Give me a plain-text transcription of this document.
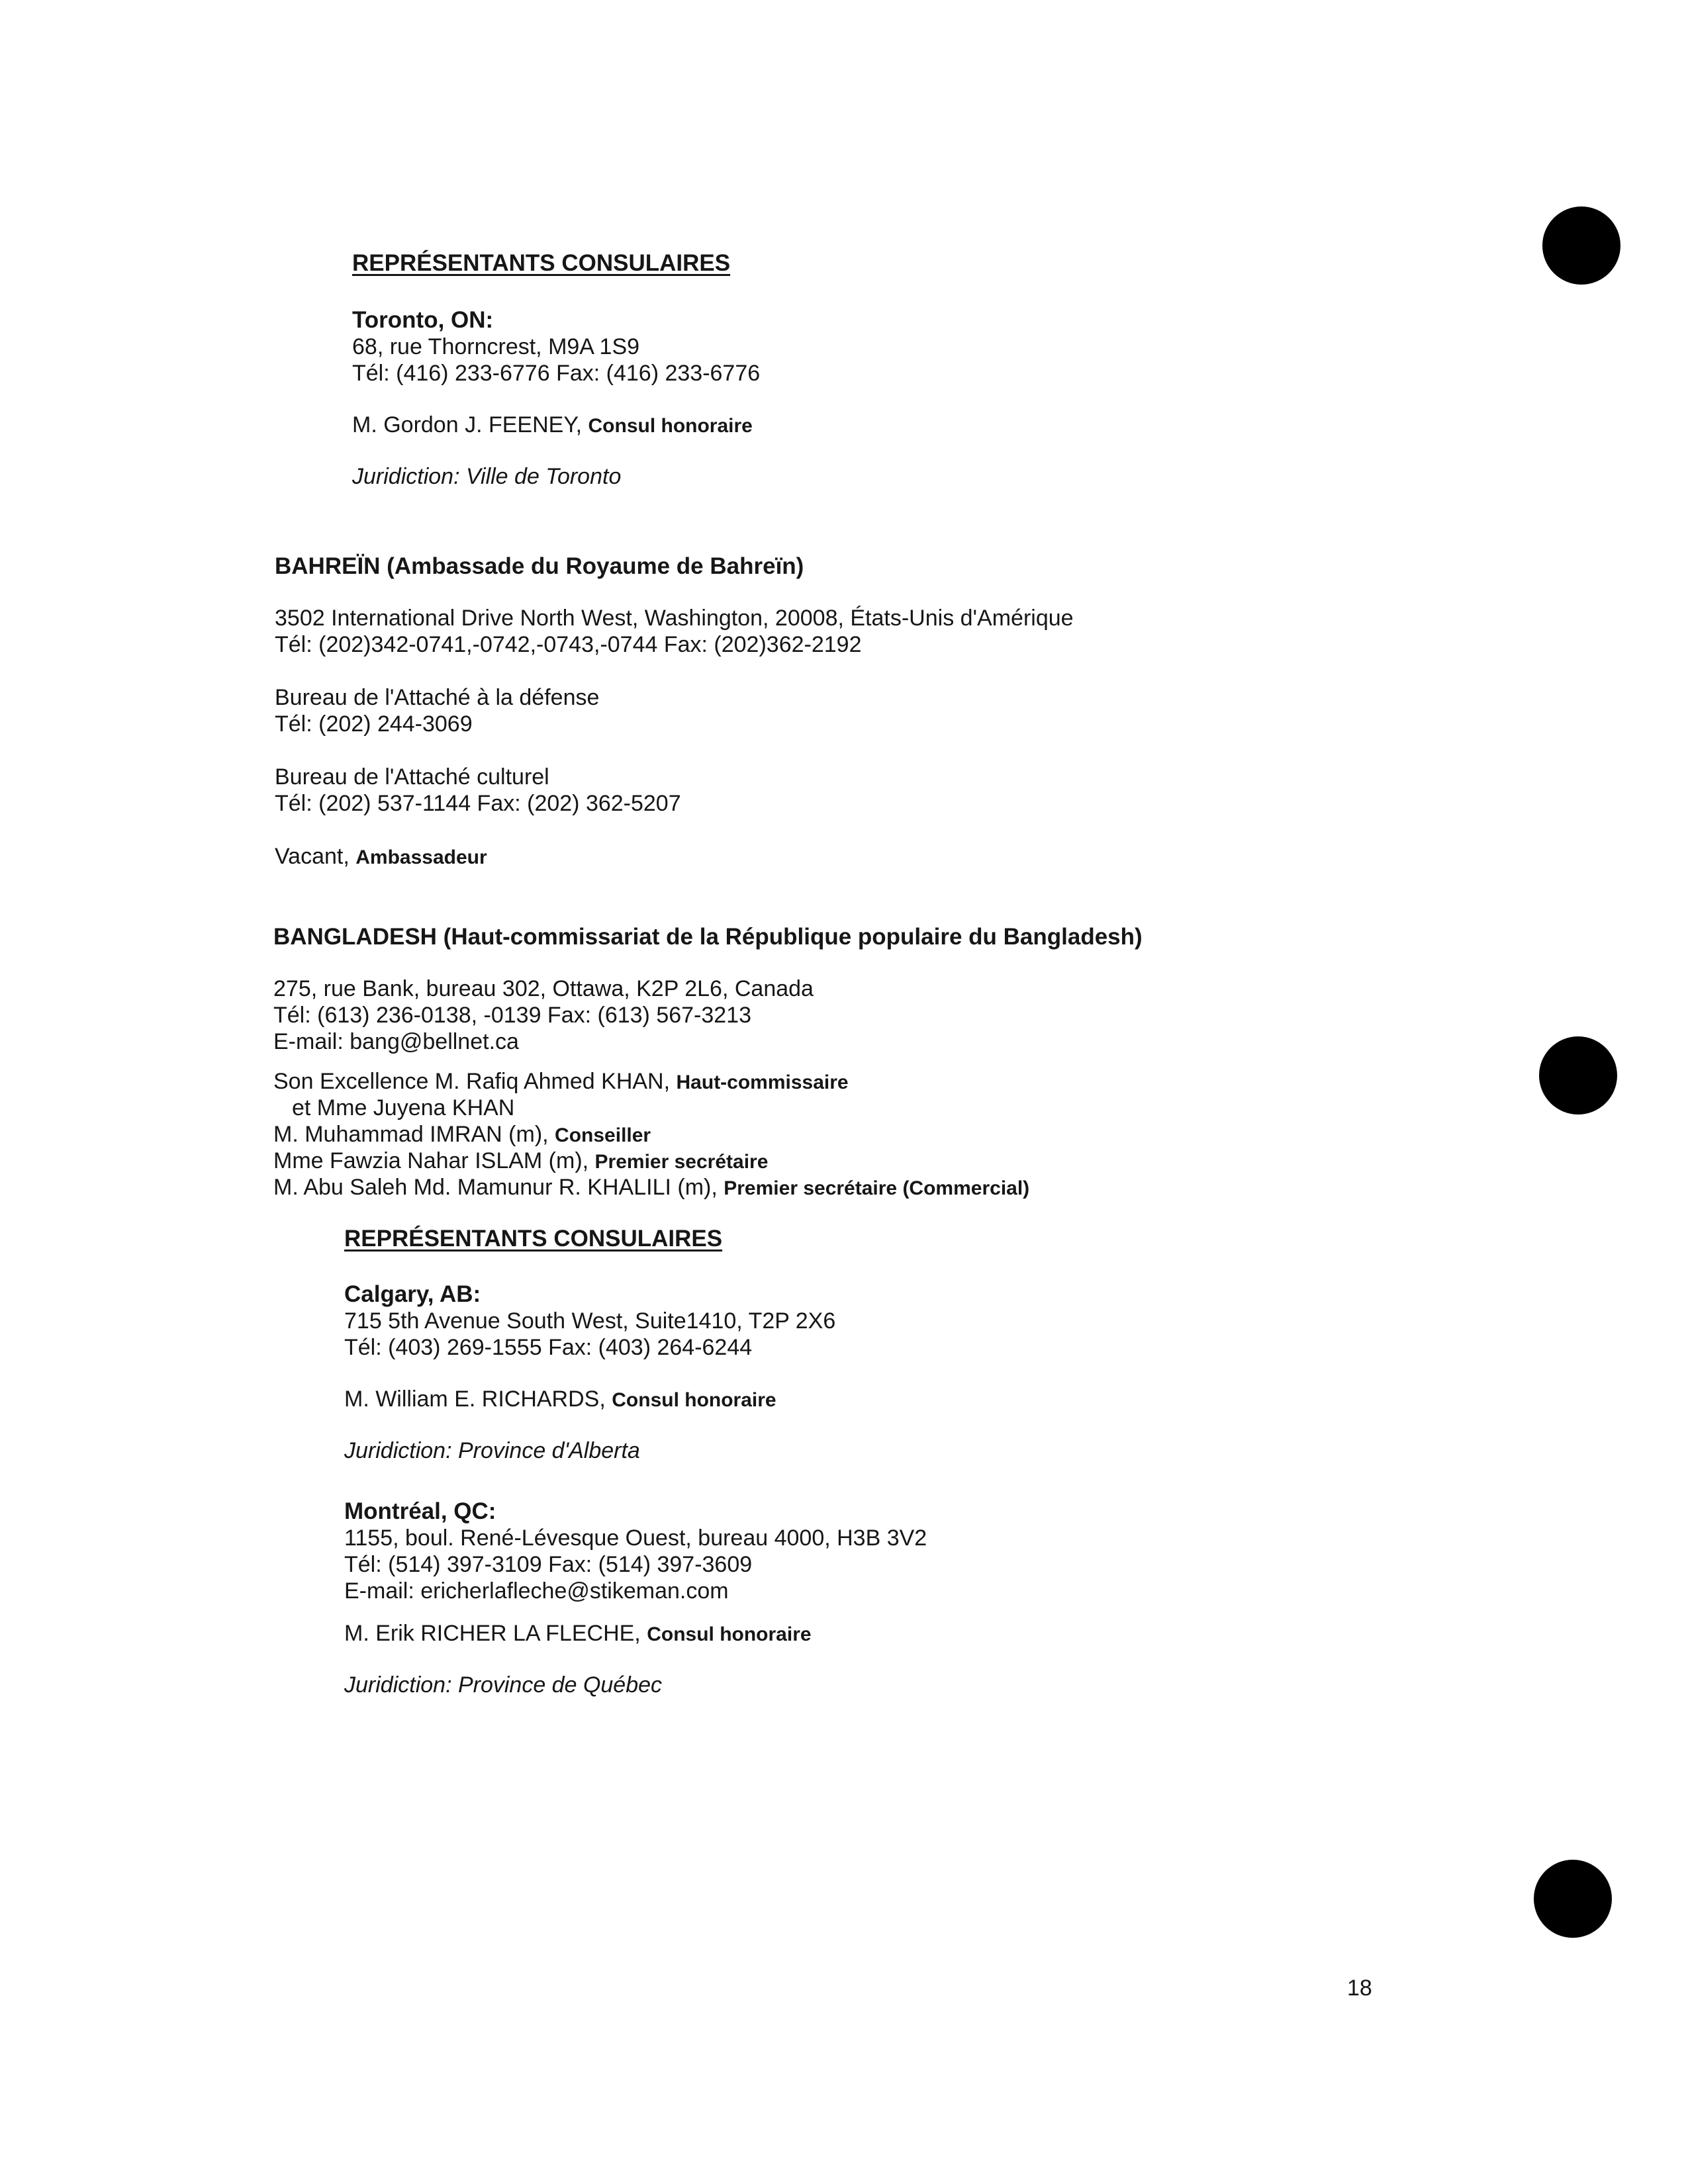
REPRÉSENTANTS CONSULAIRES
Toronto, ON:
68, rue Thorncrest, M9A 1S9
Tél: (416) 233-6776 Fax: (416) 233-6776
M. Gordon J. FEENEY, Consul honoraire
Juridiction: Ville de Toronto
BAHREÏN (Ambassade du Royaume de Bahreïn)
3502 International Drive North West, Washington, 20008, États-Unis d'Amérique
Tél: (202)342-0741,-0742,-0743,-0744 Fax: (202)362-2192
Bureau de l'Attaché à la défense
Tél: (202) 244-3069
Bureau de l'Attaché culturel
Tél: (202) 537-1144 Fax: (202) 362-5207
Vacant, Ambassadeur
BANGLADESH (Haut-commissariat de la République populaire du Bangladesh)
275, rue Bank, bureau 302, Ottawa, K2P 2L6, Canada
Tél: (613) 236-0138, -0139 Fax: (613) 567-3213
E-mail: bang@bellnet.ca
Son Excellence M. Rafiq Ahmed KHAN, Haut-commissaire
et Mme Juyena KHAN
M. Muhammad IMRAN (m), Conseiller
Mme Fawzia Nahar ISLAM (m), Premier secrétaire
M. Abu Saleh Md. Mamunur R. KHALILI (m), Premier secrétaire (Commercial)
REPRÉSENTANTS CONSULAIRES
Calgary, AB:
715 5th Avenue South West, Suite1410, T2P 2X6
Tél: (403) 269-1555 Fax: (403) 264-6244
M. William E. RICHARDS, Consul honoraire
Juridiction: Province d'Alberta
Montréal, QC:
1155, boul. René-Lévesque Ouest, bureau 4000, H3B 3V2
Tél: (514) 397-3109 Fax: (514) 397-3609
E-mail: ericherlafleche@stikeman.com
M. Erik RICHER LA FLECHE, Consul honoraire
Juridiction: Province de Québec
18
